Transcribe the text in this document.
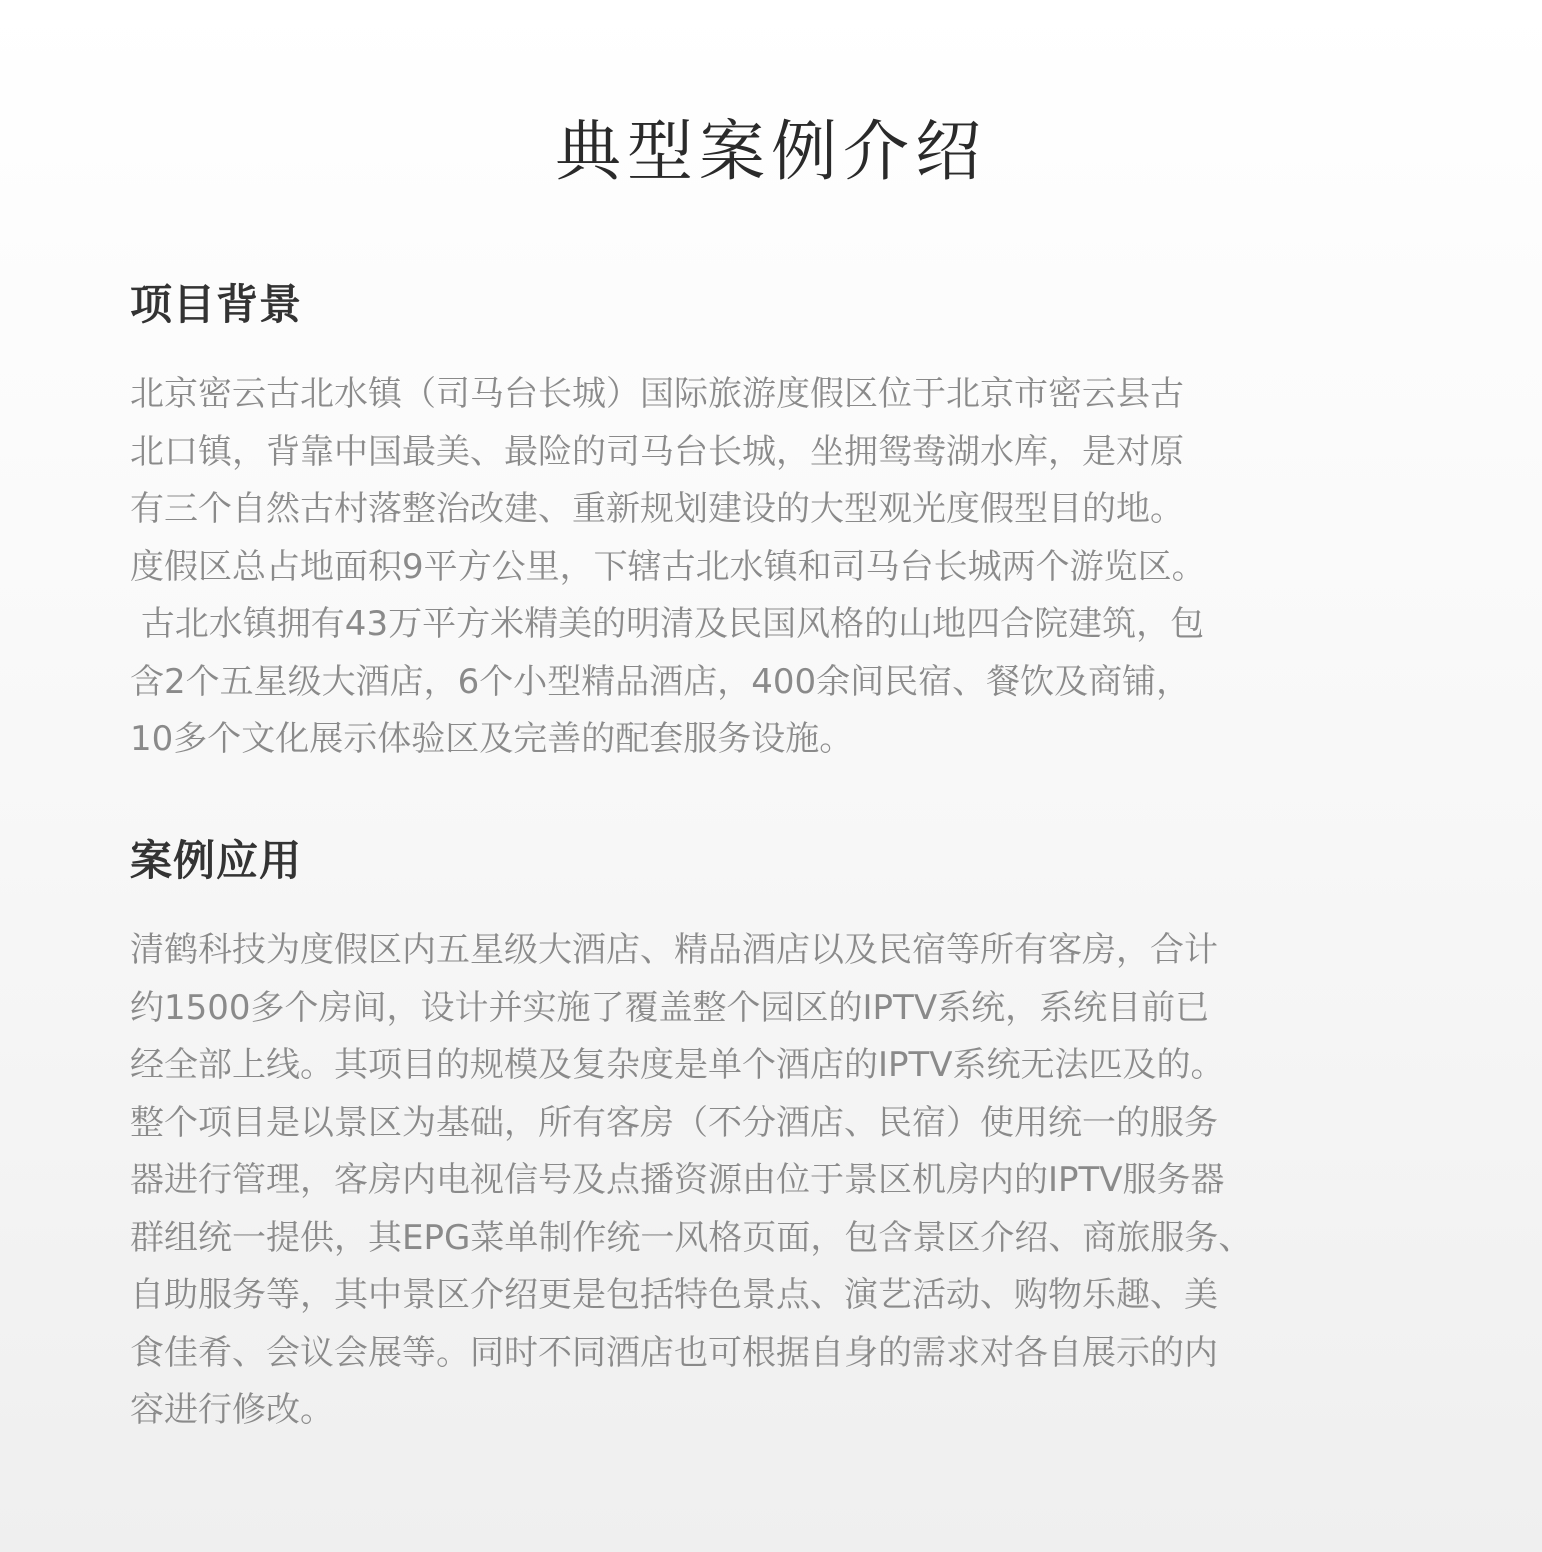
典型案例介绍
项目背景
北京密云古北水镇（司马台长城）国际旅游度假区位于北京市密云县古
北口镇，背靠中国最美、最险的司马台长城，坐拥鸳鸯湖水库，是对原
有三个自然古村落整治改建、重新规划建设的大型观光度假型目的地。
度假区总占地面积9平方公里，下辖古北水镇和司马台长城两个游览区。
古北水镇拥有43万平方米精美的明清及民国风格的山地四合院建筑，包
含2个五星级大酒店，6个小型精品酒店，400余间民宿、餐饮及商铺，
10多个文化展示体验区及完善的配套服务设施。
案例应用
清鹤科技为度假区内五星级大酒店、精品酒店以及民宿等所有客房，合计
约1500多个房间，设计并实施了覆盖整个园区的IPTV系统，系统目前已
经全部上线。其项目的规模及复杂度是单个酒店的IPTV系统无法匹及的。
整个项目是以景区为基础，所有客房（不分酒店、民宿）使用统一的服务
器进行管理，客房内电视信号及点播资源由位于景区机房内的IPTV服务器
群组统一提供，其EPG菜单制作统一风格页面，包含景区介绍、商旅服务、
自助服务等，其中景区介绍更是包括特色景点、演艺活动、购物乐趣、美
食佳肴、会议会展等。同时不同酒店也可根据自身的需求对各自展示的内
容进行修改。
